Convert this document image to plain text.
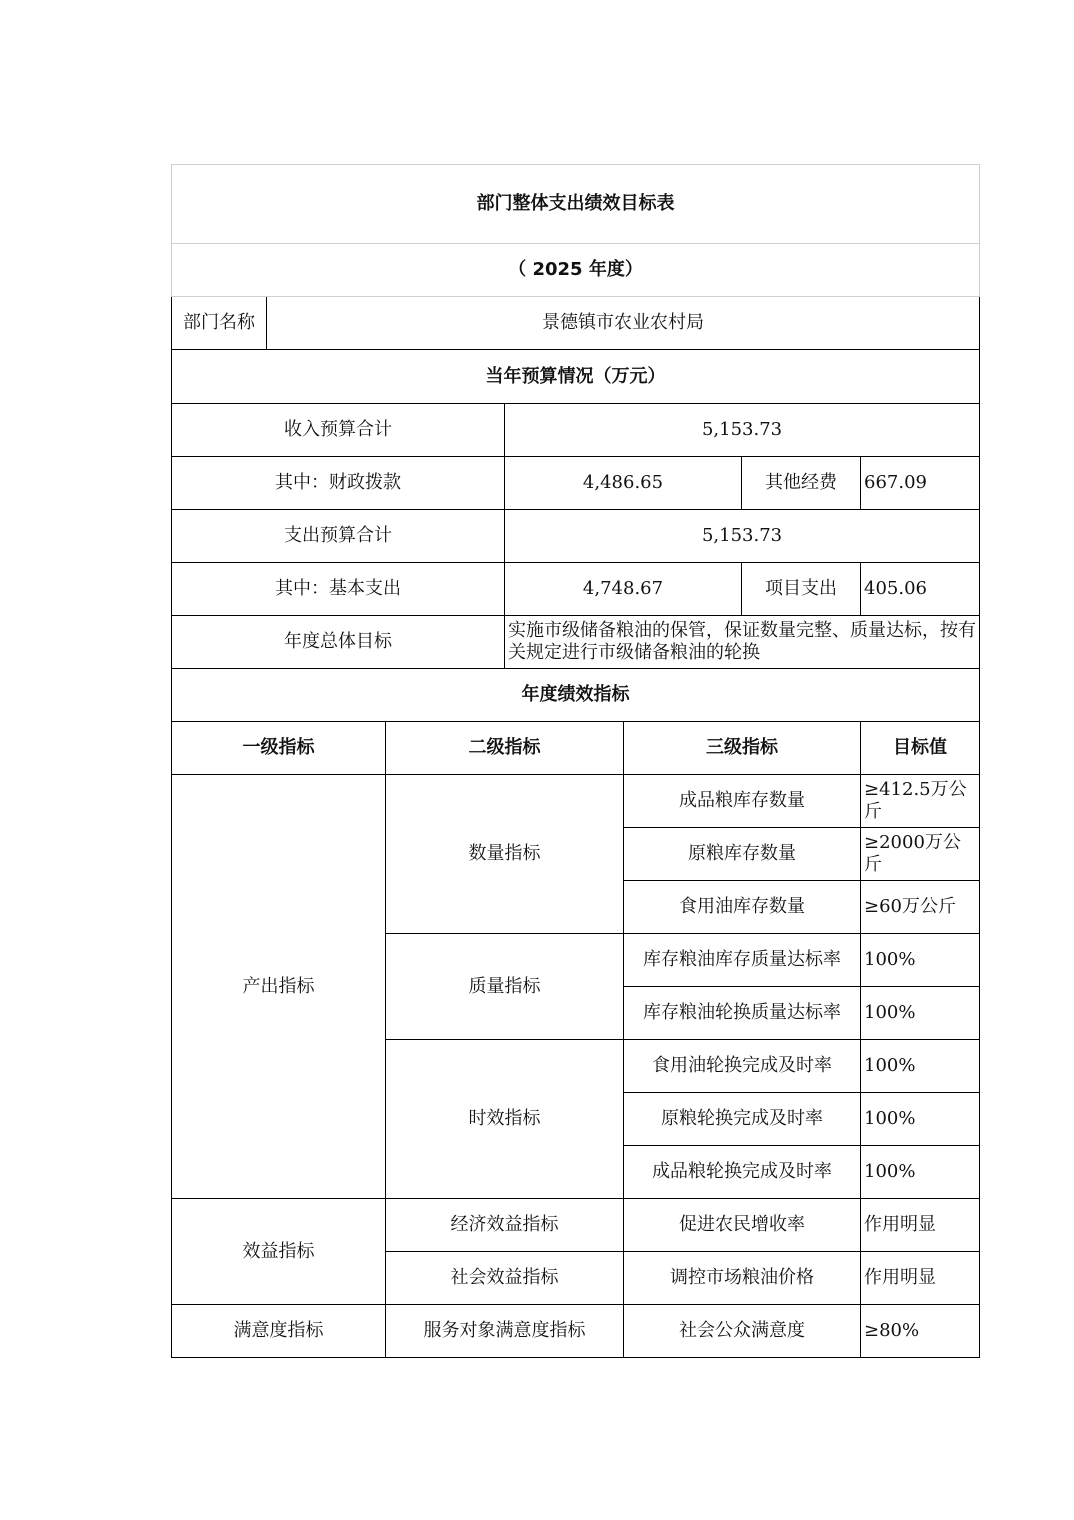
部门整体支出绩效目标表						
（ 2025 年度）						
部门名称	景德镇市农业农村局					
当年预算情况（万元）						
收入预算合计			5,153.73			
其中：财政拨款			4,486.65		其他经费	667.09
支出预算合计			5,153.73			
其中：基本支出			4,748.67		项目支出	405.06
年度总体目标			实施市级储备粮油的保管，保证数量完整、质量达标，按有关规定进行市级储备粮油的轮换			
年度绩效指标						
一级指标		二级指标		三级指标		目标值
产出指标		数量指标		成品粮库存数量		≥412.5万公斤
				原粮库存数量		≥2000万公斤
				食用油库存数量		≥60万公斤
		质量指标		库存粮油库存质量达标率		100%
				库存粮油轮换质量达标率		100%
		时效指标		食用油轮换完成及时率		100%
				原粮轮换完成及时率		100%
				成品粮轮换完成及时率		100%
效益指标		经济效益指标		促进农民增收率		作用明显
		社会效益指标		调控市场粮油价格		作用明显
满意度指标		服务对象满意度指标		社会公众满意度		≥80%
